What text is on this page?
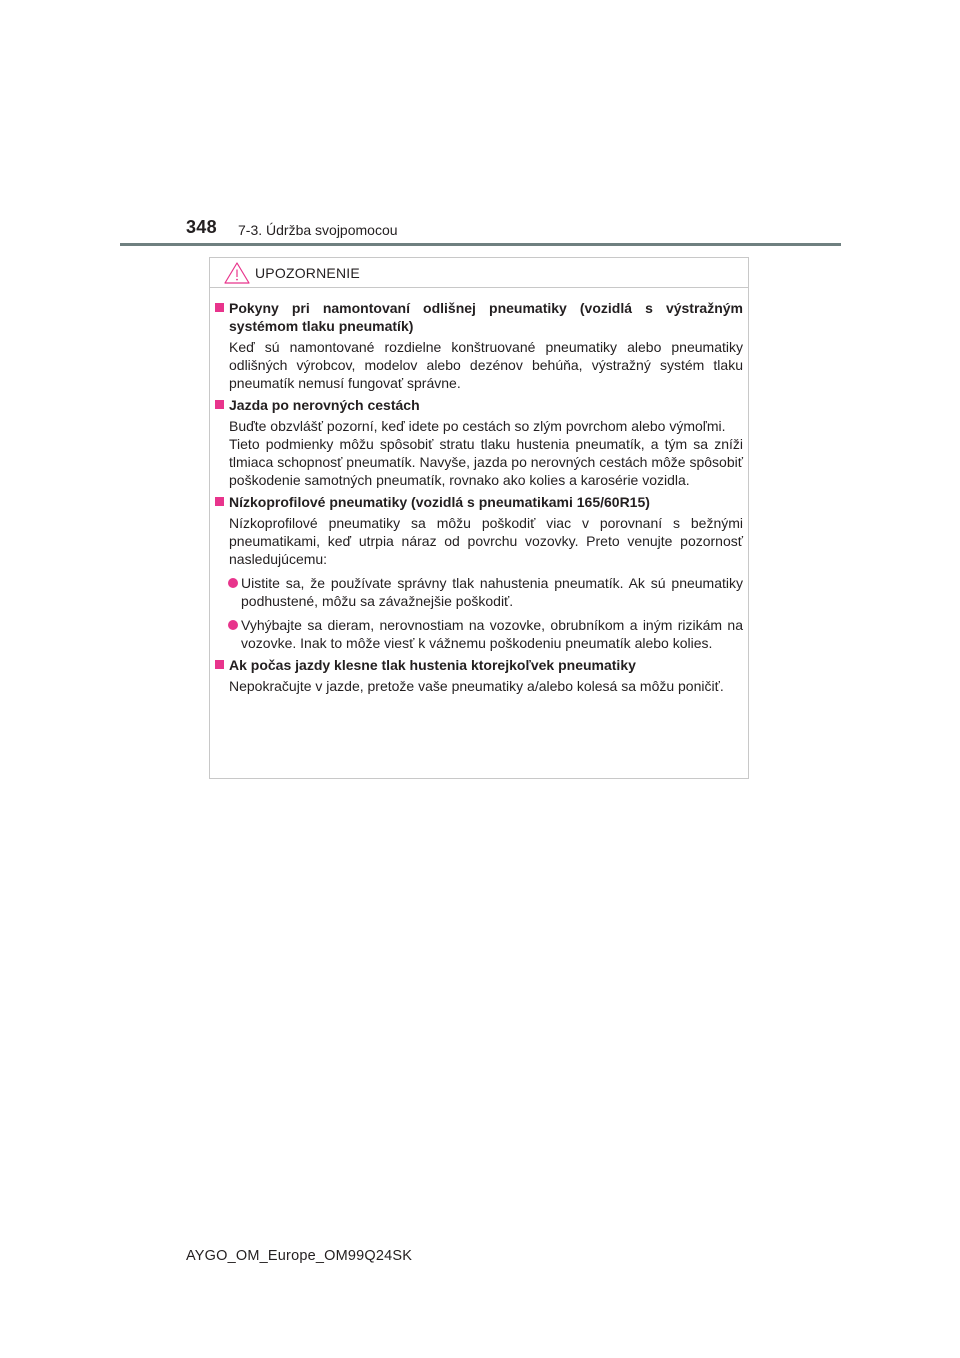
348 7-3. Údržba svojpomocou
UPOZORNENIE
Pokyny pri namontovaní odlišnej pneumatiky (vozidlá s výstražným systémom tlaku pneumatík)
Keď sú namontované rozdielne konštruované pneumatiky alebo pneumatiky odlišných výrobcov, modelov alebo dezénov behúňa, výstražný systém tlaku pneumatík nemusí fungovať správne.
Jazda po nerovných cestách
Buďte obzvlášť pozorní, keď idete po cestách so zlým povrchom alebo výmoľmi.
Tieto podmienky môžu spôsobiť stratu tlaku hustenia pneumatík, a tým sa zníži tlmiaca schopnosť pneumatík. Navyše, jazda po nerovných cestách môže spôsobiť poškodenie samotných pneumatík, rovnako ako kolies a karosérie vozidla.
Nízkoprofilové pneumatiky (vozidlá s pneumatikami 165/60R15)
Nízkoprofilové pneumatiky sa môžu poškodiť viac v porovnaní s bežnými pneumatikami, keď utrpia náraz od povrchu vozovky. Preto venujte pozornosť nasledujúcemu:
Uistite sa, že používate správny tlak nahustenia pneumatík. Ak sú pneumatiky podhustené, môžu sa závažnejšie poškodiť.
Vyhýbajte sa dieram, nerovnostiam na vozovke, obrubníkom a iným rizikám na vozovke. Inak to môže viesť k vážnemu poškodeniu pneumatík alebo kolies.
Ak počas jazdy klesne tlak hustenia ktorejkoľvek pneumatiky
Nepokračujte v jazde, pretože vaše pneumatiky a/alebo kolesá sa môžu poničiť.
AYGO_OM_Europe_OM99Q24SK
